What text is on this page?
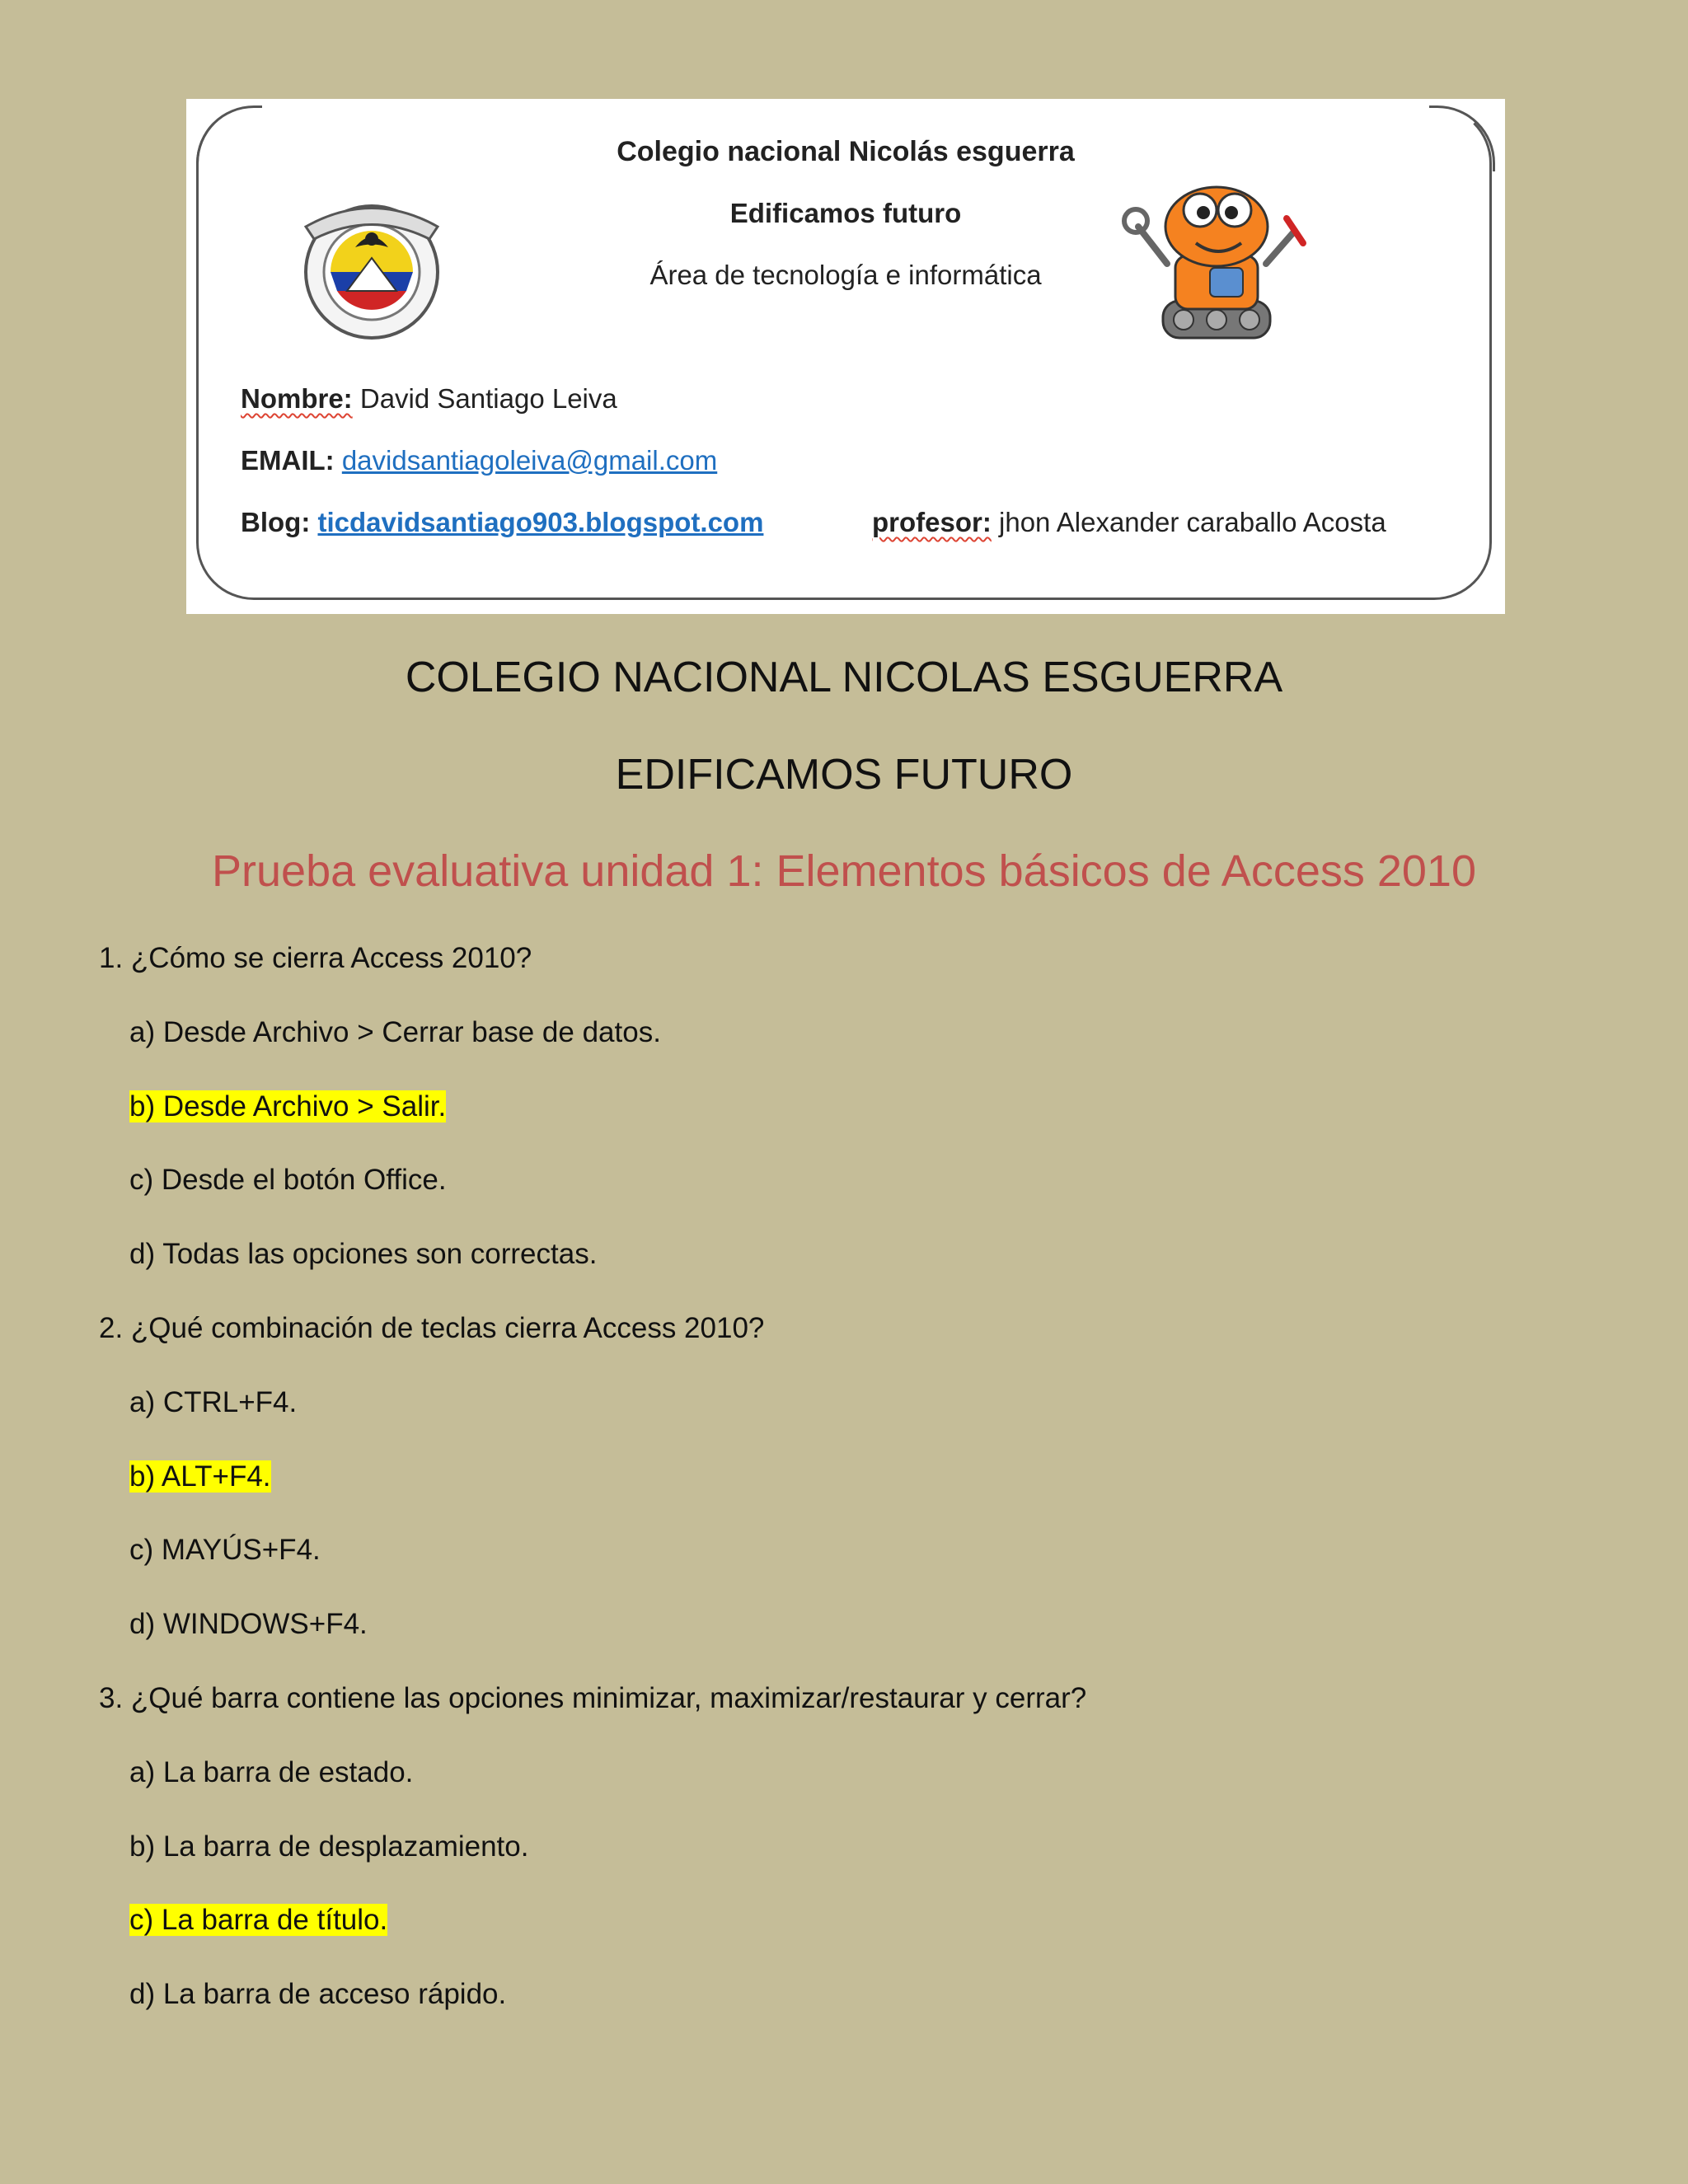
Colegio nacional Nicolás esguerra
Edificamos futuro
Área de tecnología e informática
Nombre: David Santiago Leiva
EMAIL: davidsantiagoleiva@gmail.com
Blog: ticdavidsantiago903.blogspot.com	profesor: jhon Alexander caraballo Acosta
COLEGIO NACIONAL NICOLAS ESGUERRA
EDIFICAMOS FUTURO
Prueba evaluativa unidad 1: Elementos básicos de Access 2010
1. ¿Cómo se cierra Access 2010?
a) Desde Archivo > Cerrar base de datos.
b) Desde Archivo > Salir.
c) Desde el botón Office.
d) Todas las opciones son correctas.
2. ¿Qué combinación de teclas cierra Access 2010?
a) CTRL+F4.
b) ALT+F4.
c) MAYÚS+F4.
d) WINDOWS+F4.
3. ¿Qué barra contiene las opciones minimizar, maximizar/restaurar y cerrar?
a) La barra de estado.
b) La barra de desplazamiento.
c) La barra de título.
d) La barra de acceso rápido.
